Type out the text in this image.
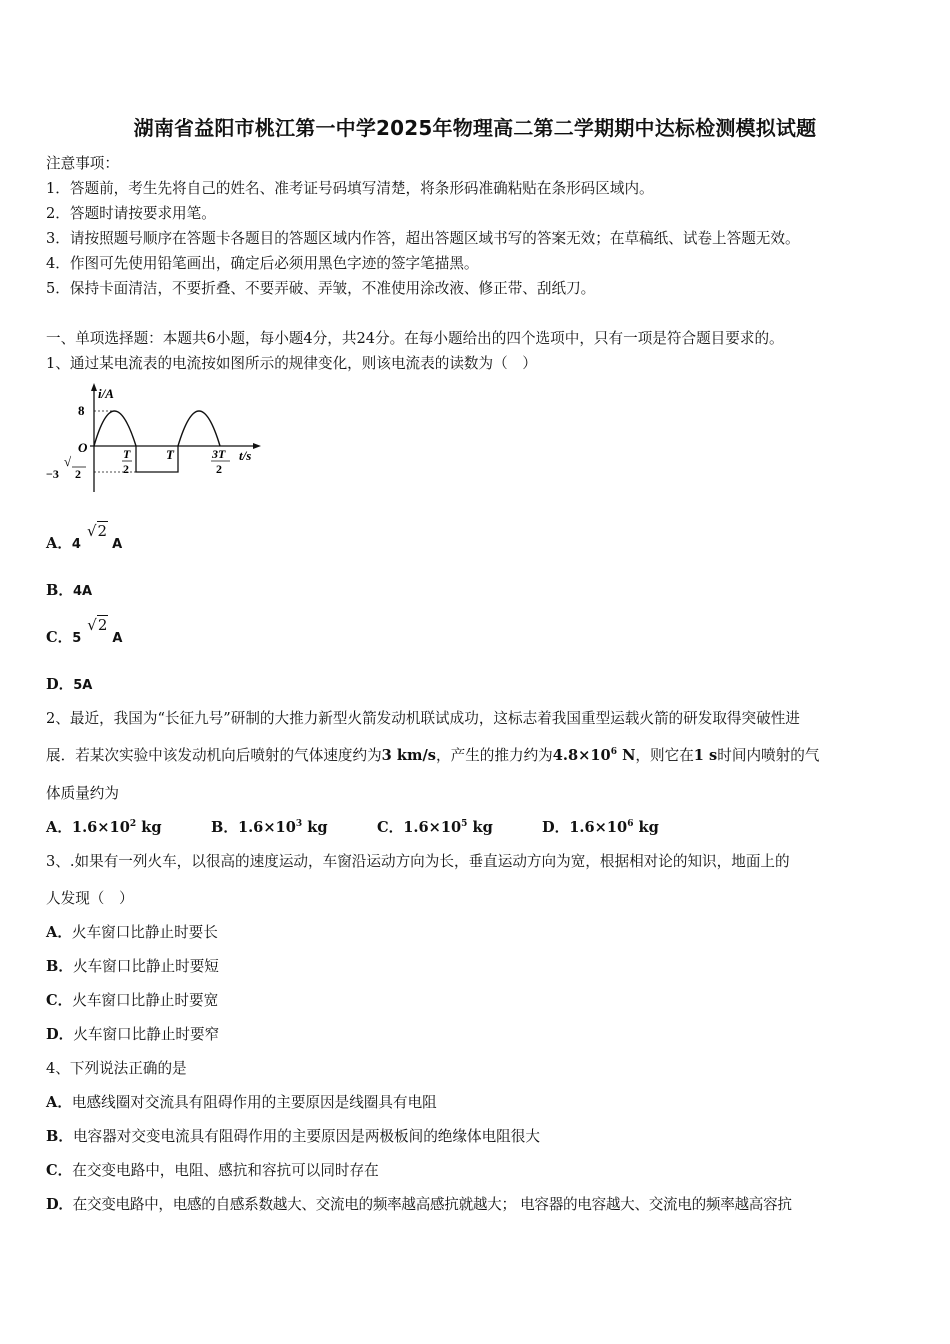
湖南省益阳市桃江第一中学2025年物理高二第二学期期中达标检测模拟试题
注意事项：
1．答题前，考生先将自己的姓名、准考证号码填写清楚，将条形码准确粘贴在条形码区域内。
2．答题时请按要求用笔。
3．请按照题号顺序在答题卡各题目的答题区域内作答，超出答题区域书写的答案无效；在草稿纸、试卷上答题无效。
4．作图可先使用铅笔画出，确定后必须用黑色字迹的签字笔描黑。
5．保持卡面清洁，不要折叠、不要弄破、弄皱，不准使用涂改液、修正带、刮纸刀。
一、单项选择题：本题共6小题，每小题4分，共24分。在每小题给出的四个选项中，只有一项是符合题目要求的。
1、通过某电流表的电流按如图所示的规律变化，则该电流表的读数为（　）
i/A
8
O
−3
√
2
T
2
T	3T
2
t/s
A．4√2A
B．4A
C．5√2A
D．5A
2、最近，我国为“长征九号”研制的大推力新型火箭发动机联试成功，这标志着我国重型运载火箭的研发取得突破性进
展．若某次实验中该发动机向后喷射的气体速度约为3 km/s，产生的推力约为$4.8\times 10^6$ N，则它在1 s时间内喷射的气
体质量约为
A．$1.6\times 10^2$ kg	B．$1.6\times 10^3$ kg	C．$1.6\times 10^5$ kg	D．$1.6\times 10^6$ kg
3、.如果有一列火车，以很高的速度运动，车窗沿运动方向为长，垂直运动方向为宽，根据相对论的知识，地面上的
人发现（　）
A．火车窗口比静止时要长
B．火车窗口比静止时要短
C．火车窗口比静止时要宽
D．火车窗口比静止时要窄
4、下列说法正确的是
A．电感线圈对交流具有阻碍作用的主要原因是线圈具有电阻
B．电容器对交变电流具有阻碍作用的主要原因是两极板间的绝缘体电阻很大
C．在交变电路中，电阻、感抗和容抗可以同时存在
D．在交变电路中，电感的自感系数越大、交流电的频率越高感抗就越大； 电容器的电容越大、交流电的频率越高容抗
